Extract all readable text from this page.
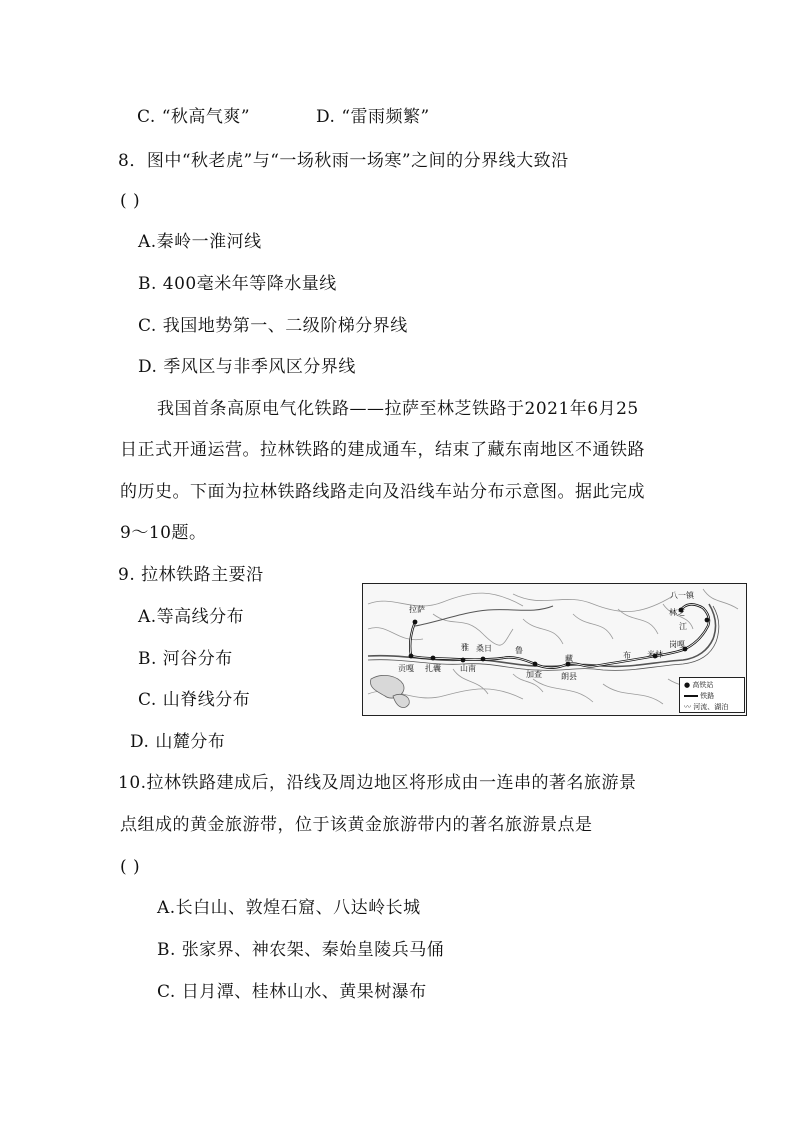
C. “秋高气爽”	D. “雷雨频繁”
8．图中“秋老虎”与“一场秋雨一场寒”之间的分界线大致沿
( )
A.秦岭一淮河线
B. 400毫米年等降水量线
C. 我国地势第一、二级阶梯分界线
D. 季风区与非季风区分界线
我国首条高原电气化铁路——拉萨至林芝铁路于2021年6月25
日正式开通运营。拉林铁路的建成通车，结束了藏东南地区不通铁路
的历史。下面为拉林铁路线路走向及沿线车站分布示意图。据此完成
9～10题。
9. 拉林铁路主要沿
A.等高线分布
B. 河谷分布
C. 山脊线分布
D. 山麓分布
拉萨
贡嘎 扎囊 山南
桑日
加查 朗县
米林
岗嘎
林芝
八一镇
雅	鲁
藏	布
江
● 高铁站
铁路
〰 河流、湖泊
10.拉林铁路建成后，沿线及周边地区将形成由一连串的著名旅游景
点组成的黄金旅游带，位于该黄金旅游带内的著名旅游景点是
( )
A.长白山、敦煌石窟、八达岭长城
B. 张家界、神农架、秦始皇陵兵马俑
C. 日月潭、桂林山水、黄果树瀑布
